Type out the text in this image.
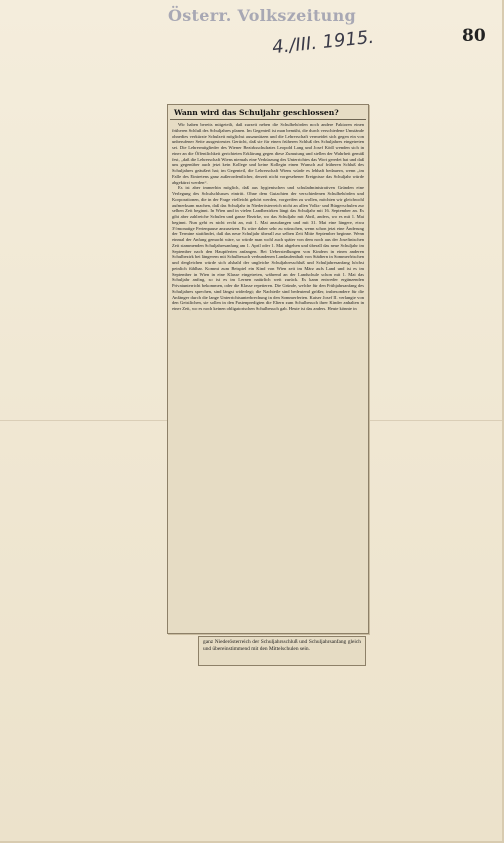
Österr. Volkszeitung
4./III. 1915.	80
Wann wird das Schuljahr geschlossen?

Wir haben bereits mitgeteilt, daß zurzeit neben die Schulbehörden noch andere Faktoren einen früheren Schluß des Schuljahres planen. Im Gegenteil ist man bemüht, die durch verschiedene Umstände ohnedies verkürzte Schulzeit möglichst auszunützen und die Lehrerschaft vermeidet sich gegen ein von unberufener Seite ausgestreutes Gerücht, daß sie für einen früheren Schluß des Schuljahres eingetreten sei. Die Lehrermitglieder des Wiener Bezirksschulrates Leopold Lang und Josef Ködl wenden sich in einer an die Öffentlichkeit gerichteten Erklärung gegen diese Zumutung und stellen der Wahrheit gemäß fest, „daß die Lehrerschaft Wiens niemals eine Verkürzung des Unterrichtes das Wort geredet hat und daß uns gegenüber auch jetzt kein Kollege und keine Kollegin einen Wunsch auf früheren Schluß des Schuljahres geäußert hat; im Gegenteil, die Lehrerschaft Wiens würde es lebhaft bedauern, wenn „im Falle des Eintretens ganz außerordentlicher, derzeit nicht vorgesehener Ereignisse das Schuljahr würde abgekürzt werden“.

Es ist aber immerhin möglich, daß aus hygienischen und schuladministrativen Gründen eine Verlegung des Schulschlusses eintritt. Ohne dem Gutachten der verschiedenen Schulbehörden und Korporationen, die in der Frage vielleicht gehört werden, vorgreifen zu wollen, möchten wir gleichwohl aufmerksam machen, daß das Schuljahr in Niederösterreich nicht an allen Volks- und Bürgerschulen zur selben Zeit beginnt. In Wien und in vielen Landbezirken längt das Schuljahr mit 16. September an. Es gibt aber zahlreiche Schulen und ganze Bezirke, wo das Schuljahr mit Abril, anders, wo es mit 1. Mai beginnt. Nun geht es nicht recht an, mit 1. Mai anzufangen und mit 31. Mai eine längere, etwa 3½monatige Ferienpause anzusetzen. Es wäre daher sehr zu wünschen, wenn schon jetzt eine Änderung der Termine stattfindet, daß das neue Schuljahr überall zur selben Zeit Mitte September beginne. Wenn einmal der Anfang gemacht wäre, so würde man wohl auch später von dem noch aus der Josefinischen Zeit stammenden Schuljahresanfang am 1. April oder 1. Mai abgehen und überall das neue Schuljahr im September nach den Hauptferien anfangen. Bei Ueberstedlungen von Kindern in einen anderen Schulbezirk bei längerem mit Schulbesuch verbundenen Landaufenthalt von Städtern in Sommerfrischen und dergleichen würde sich alsbald der ungleiche Schuljahresschluß und Schuljahresanfang höchst peinlich fühlbar. Kommt zum Beispiel ein Kind von Wien zeit im März aufs Land und ist es im September in Wien in eine Klasse eingetreten, während an der Landschule schon mit 1. Mai das Schuljahr anfing, so ist es im Lernen natürlich weit zurück. Es kann entweder ergänzenden Privatunterricht bekommen, oder die Klasse repetieren. Die Gründe, welche für den Frühjahrsanfang des Schuljahres sprechen, sind längst widerlegt; die Nachteile sind bedeutend größer, insbesondere für die Anfänger durch die lange Unterrichtsunterbrechung in den Sommerferien. Kaiser Josef II. verlangte von den Geistlichen, sie sollen in den Fastenpredigten die Eltern zum Schulbesuch ihrer Kinder anhalten in einer Zeit, wo es noch keinen obligatorischen Schulbesuch gab. Heute ist das anders. Heute könnte in

ganz Niederösterreich der Schuljahrsschluß und Schuljahrsanfang gleich und übereinstimmend mit den Mittelschulen sein.
